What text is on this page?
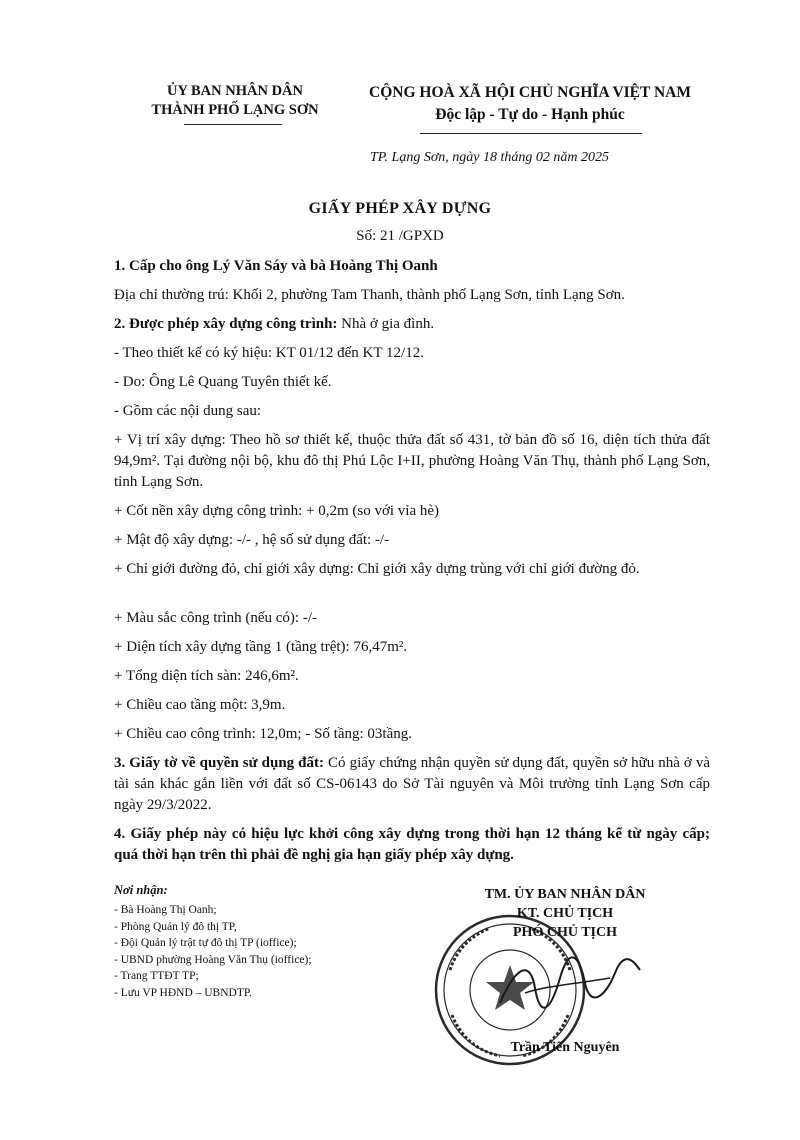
ỦY BAN NHÂN DÂN
THÀNH PHỐ LẠNG SƠN
CỘNG HOÀ XÃ HỘI CHỦ NGHĨA VIỆT NAM
Độc lập - Tự do - Hạnh phúc
TP. Lạng Sơn, ngày 18 tháng 02 năm 2025
GIẤY PHÉP XÂY DỰNG
Số: 21 /GPXD
1. Cấp cho ông Lý Văn Sáy và bà Hoàng Thị Oanh
Địa chỉ thường trú: Khối 2, phường Tam Thanh, thành phố Lạng Sơn, tỉnh Lạng Sơn.
2. Được phép xây dựng công trình: Nhà ở gia đình.
- Theo thiết kế có ký hiệu: KT 01/12 đến KT 12/12.
- Do: Ông Lê Quang Tuyên thiết kế.
- Gồm các nội dung sau:
+ Vị trí xây dựng: Theo hồ sơ thiết kế, thuộc thửa đất số 431, tờ bản đồ số 16, diện tích thửa đất 94,9m². Tại đường nội bộ, khu đô thị Phú Lộc I+II, phường Hoàng Văn Thụ, thành phố Lạng Sơn, tỉnh Lạng Sơn.
+ Cốt nền xây dựng công trình: + 0,2m (so với vỉa hè)
+ Mật độ xây dựng: -/- , hệ số sử dụng đất: -/-
+ Chỉ giới đường đỏ, chỉ giới xây dựng: Chỉ giới xây dựng trùng với chỉ giới đường đỏ.
+ Màu sắc công trình (nếu có): -/-
+ Diện tích xây dựng tầng 1 (tầng trệt): 76,47m².
+ Tổng diện tích sàn: 246,6m².
+ Chiều cao tầng một: 3,9m.
+ Chiều cao công trình: 12,0m; - Số tầng: 03tầng.
3. Giấy tờ về quyền sử dụng đất: Có giấy chứng nhận quyền sử dụng đất, quyền sở hữu nhà ở và tài sản khác gắn liền với đất số CS-06143 do Sở Tài nguyên và Môi trường tỉnh Lạng Sơn cấp ngày 29/3/2022.
4. Giấy phép này có hiệu lực khởi công xây dựng trong thời hạn 12 tháng kể từ ngày cấp; quá thời hạn trên thì phải đề nghị gia hạn giấy phép xây dựng.
Nơi nhận:
- Bà Hoàng Thị Oanh;
- Phòng Quản lý đô thị TP,
- Đội Quản lý trật tự đô thị TP (ioffice);
- UBND phường Hoàng Văn Thụ (ioffice);
- Trang TTĐT TP;
- Lưu VP HĐND – UBNDTP.
TM. ỦY BAN NHÂN DÂN
KT. CHỦ TỊCH
PHÓ CHỦ TỊCH
Trần Tiến Nguyên
